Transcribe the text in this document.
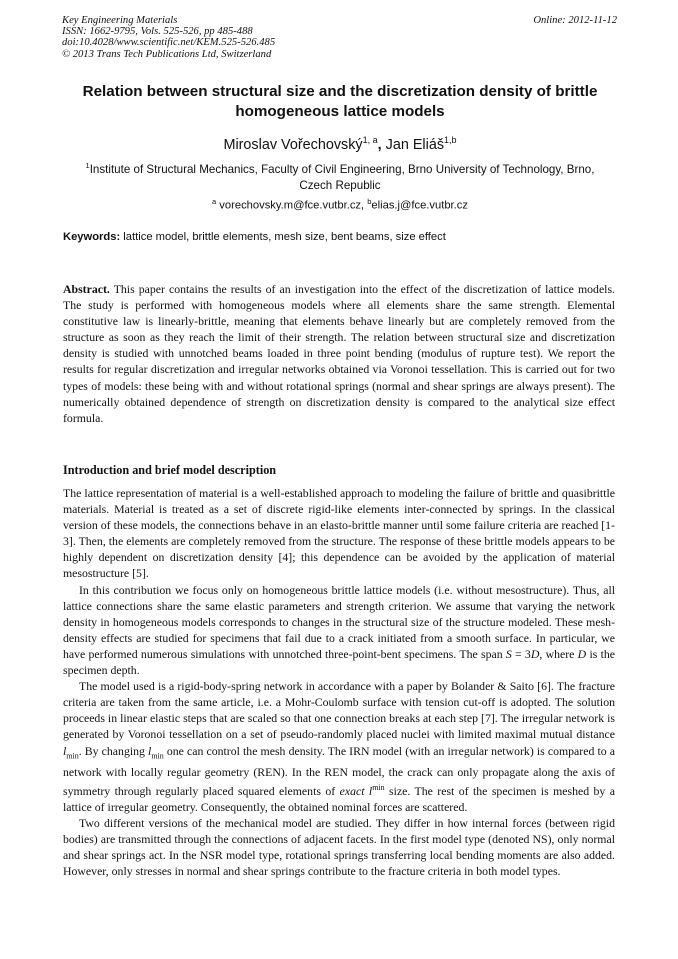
Key Engineering Materials
ISSN: 1662-9795, Vols. 525-526, pp 485-488
doi:10.4028/www.scientific.net/KEM.525-526.485
© 2013 Trans Tech Publications Ltd, Switzerland
Online: 2012-11-12
Relation between structural size and the discretization density of brittle homogeneous lattice models
Miroslav Vořechovský$^{1, a}$, Jan Eliáš$^{1,b}$
$^1$Institute of Structural Mechanics, Faculty of Civil Engineering, Brno University of Technology, Brno, Czech Republic
$^a$ vorechovsky.m@fce.vutbr.cz, $^b$elias.j@fce.vutbr.cz
Keywords: lattice model, brittle elements, mesh size, bent beams, size effect

Abstract. This paper contains the results of an investigation into the effect of the discretization of lattice models. The study is performed with homogeneous models where all elements share the same strength. Elemental constitutive law is linearly-brittle, meaning that elements behave linearly but are completely removed from the structure as soon as they reach the limit of their strength. The relation between structural size and discretization density is studied with unnotched beams loaded in three point bending (modulus of rupture test). We report the results for regular discretization and irregular networks obtained via Voronoi tessellation. This is carried out for two types of models: these being with and without rotational springs (normal and shear springs are always present). The numerically obtained dependence of strength on discretization density is compared to the analytical size effect formula.

Introduction and brief model description

The lattice representation of material is a well-established approach to modeling the failure of brittle and quasibrittle materials. Material is treated as a set of discrete rigid-like elements inter-connected by springs. In the classical version of these models, the connections behave in an elasto-brittle manner until some failure criteria are reached [1-3]. Then, the elements are completely removed from the structure. The response of these brittle models appears to be highly dependent on discretization density [4]; this dependence can be avoided by the application of material mesostructure [5].

In this contribution we focus only on homogeneous brittle lattice models (i.e. without mesostructure). Thus, all lattice connections share the same elastic parameters and strength criterion. We assume that varying the network density in homogeneous models corresponds to changes in the structural size of the structure modeled. These mesh-density effects are studied for specimens that fail due to a crack initiated from a smooth surface. In particular, we have performed numerous simulations with unnotched three-point-bent specimens. The span S = 3D, where D is the specimen depth.

The model used is a rigid-body-spring network in accordance with a paper by Bolander & Saito [6]. The fracture criteria are taken from the same article, i.e. a Mohr-Coulomb surface with tension cut-off is adopted. The solution proceeds in linear elastic steps that are scaled so that one connection breaks at each step [7]. The irregular network is generated by Voronoi tessellation on a set of pseudo-randomly placed nuclei with limited maximal mutual distance $l_{min}$. By changing $l_{min}$ one can control the mesh density. The IRN model (with an irregular network) is compared to a network with locally regular geometry (REN). In the REN model, the crack can only propagate along the axis of symmetry through regularly placed squared elements of exact $l^{min}$ size. The rest of the specimen is meshed by a lattice of irregular geometry. Consequently, the obtained nominal forces are scattered.

Two different versions of the mechanical model are studied. They differ in how internal forces (between rigid bodies) are transmitted through the connections of adjacent facets. In the first model type (denoted NS), only normal and shear springs act. In the NSR model type, rotational springs transferring local bending moments are also added. However, only stresses in normal and shear springs contribute to the fracture criteria in both model types.
